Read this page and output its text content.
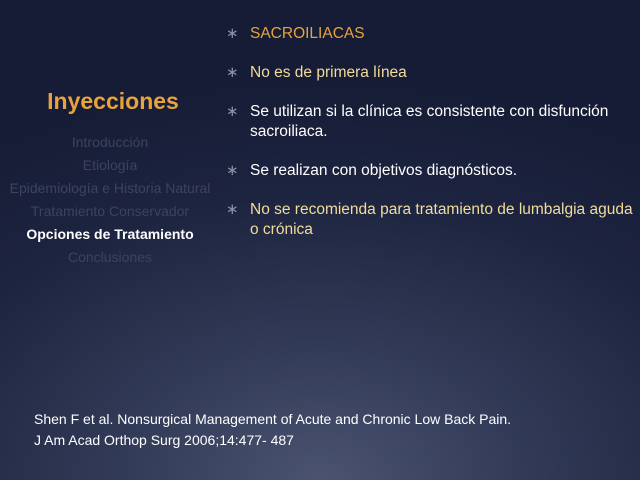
Inyecciones
Introducción
Etiología
Epidemiología e Historia Natural
Tratamiento Conservador
Opciones de Tratamiento
Conclusiones
∗ SACROILIACAS
∗ No es de primera línea
∗ Se utilizan si la clínica es consistente con disfunción sacroiliaca.
∗ Se realizan con objetivos diagnósticos.
∗ No se recomienda para tratamiento de lumbalgia aguda o crónica
Shen F et al. Nonsurgical Management of Acute and Chronic Low Back Pain.
J Am Acad Orthop Surg 2006;14:477- 487
